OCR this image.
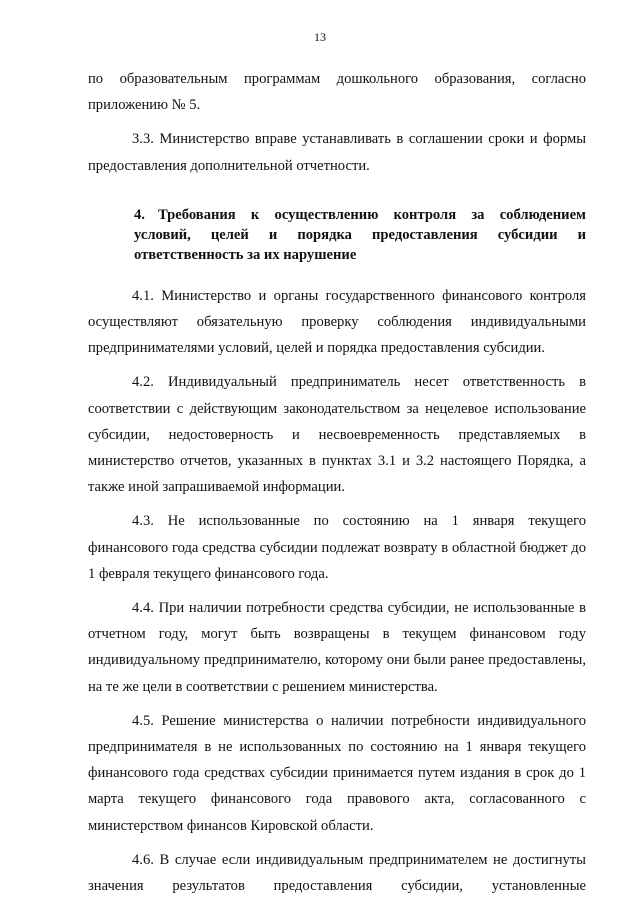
13

по образовательным программам дошкольного образования, согласно приложению № 5.

3.3. Министерство вправе устанавливать в соглашении сроки и формы предоставления дополнительной отчетности.

4. Требования к осуществлению контроля за соблюдением условий, целей и порядка предоставления субсидии и ответственность за их нарушение

4.1. Министерство и органы государственного финансового контроля осуществляют обязательную проверку соблюдения индивидуальными предпринимателями условий, целей и порядка предоставления субсидии.

4.2. Индивидуальный предприниматель несет ответственность в соответствии с действующим законодательством за нецелевое использование субсидии, недостоверность и несвоевременность представляемых в министерство отчетов, указанных в пунктах 3.1 и 3.2 настоящего Порядка, а также иной запрашиваемой информации.

4.3. Не использованные по состоянию на 1 января текущего финансового года средства субсидии подлежат возврату в областной бюджет до 1 февраля текущего финансового года.

4.4. При наличии потребности средства субсидии, не использованные в отчетном году, могут быть возвращены в текущем финансовом году индивидуальному предпринимателю, которому они были ранее предоставлены, на те же цели в соответствии с решением министерства.

4.5. Решение министерства о наличии потребности индивидуального предпринимателя в не использованных по состоянию на 1 января текущего финансового года средствах субсидии принимается путем издания в срок до 1 марта текущего финансового года правового акта, согласованного с министерством финансов Кировской области.

4.6. В случае если индивидуальным предпринимателем не достигнуты значения результатов предоставления субсидии, установленные
